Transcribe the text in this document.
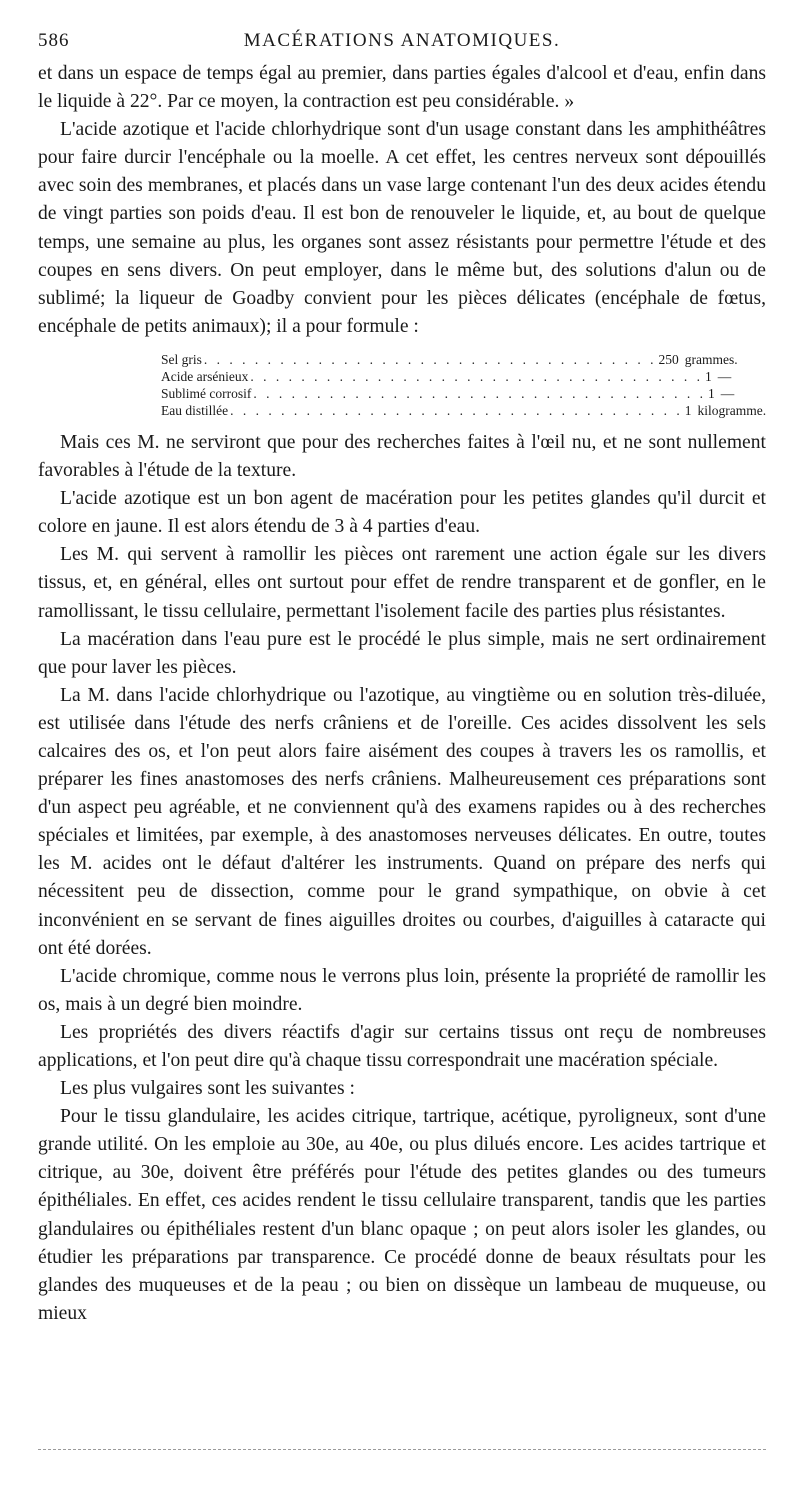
586	MACÉRATIONS ANATOMIQUES.

et dans un espace de temps égal au premier, dans parties égales d'alcool et d'eau, enfin dans le liquide à 22°. Par ce moyen, la contraction est peu considérable. »

L'acide azotique et l'acide chlorhydrique sont d'un usage constant dans les amphithéâtres pour faire durcir l'encéphale ou la moelle. A cet effet, les centres nerveux sont dépouillés avec soin des membranes, et placés dans un vase large contenant l'un des deux acides étendu de vingt parties son poids d'eau. Il est bon de renouveler le liquide, et, au bout de quelque temps, une semaine au plus, les organes sont assez résistants pour permettre l'étude et des coupes en sens divers. On peut employer, dans le même but, des solutions d'alun ou de sublimé; la liqueur de Goadby convient pour les pièces délicates (encéphale de fœtus, encéphale de petits animaux); il a pour formule :

Sel gris . . . . . . . . . . . . . . . . . . . . . . . . . . . . . . . . . . . . 250 grammes.
Acide arsénieux . . . . . . . . . . . . . . . . . . . . . . . . . . . . . . . . . . . . 1 —
Sublimé corrosif . . . . . . . . . . . . . . . . . . . . . . . . . . . . . . . . . . . . 1 —
Eau distillée . . . . . . . . . . . . . . . . . . . . . . . . . . . . . . . . . . . . 1 kilogramme.

Mais ces M. ne serviront que pour des recherches faites à l'œil nu, et ne sont nullement favorables à l'étude de la texture.

L'acide azotique est un bon agent de macération pour les petites glandes qu'il durcit et colore en jaune. Il est alors étendu de 3 à 4 parties d'eau.

Les M. qui servent à ramollir les pièces ont rarement une action égale sur les divers tissus, et, en général, elles ont surtout pour effet de rendre transparent et de gonfler, en le ramollissant, le tissu cellulaire, permettant l'isolement facile des parties plus résistantes.

La macération dans l'eau pure est le procédé le plus simple, mais ne sert ordinairement que pour laver les pièces.

La M. dans l'acide chlorhydrique ou l'azotique, au vingtième ou en solution très-diluée, est utilisée dans l'étude des nerfs crâniens et de l'oreille. Ces acides dissolvent les sels calcaires des os, et l'on peut alors faire aisément des coupes à travers les os ramollis, et préparer les fines anastomoses des nerfs crâniens. Malheureusement ces préparations sont d'un aspect peu agréable, et ne conviennent qu'à des examens rapides ou à des recherches spéciales et limitées, par exemple, à des anastomoses nerveuses délicates. En outre, toutes les M. acides ont le défaut d'altérer les instruments. Quand on prépare des nerfs qui nécessitent peu de dissection, comme pour le grand sympathique, on obvie à cet inconvénient en se servant de fines aiguilles droites ou courbes, d'aiguilles à cataracte qui ont été dorées.

L'acide chromique, comme nous le verrons plus loin, présente la propriété de ramollir les os, mais à un degré bien moindre.

Les propriétés des divers réactifs d'agir sur certains tissus ont reçu de nombreuses applications, et l'on peut dire qu'à chaque tissu correspondrait une macération spéciale.

Les plus vulgaires sont les suivantes :

Pour le tissu glandulaire, les acides citrique, tartrique, acétique, pyroligneux, sont d'une grande utilité. On les emploie au 30e, au 40e, ou plus dilués encore. Les acides tartrique et citrique, au 30e, doivent être préférés pour l'étude des petites glandes ou des tumeurs épithéliales. En effet, ces acides rendent le tissu cellulaire transparent, tandis que les parties glandulaires ou épithéliales restent d'un blanc opaque ; on peut alors isoler les glandes, ou étudier les préparations par transparence. Ce procédé donne de beaux résultats pour les glandes des muqueuses et de la peau ; ou bien on dissèque un lambeau de muqueuse, ou mieux
